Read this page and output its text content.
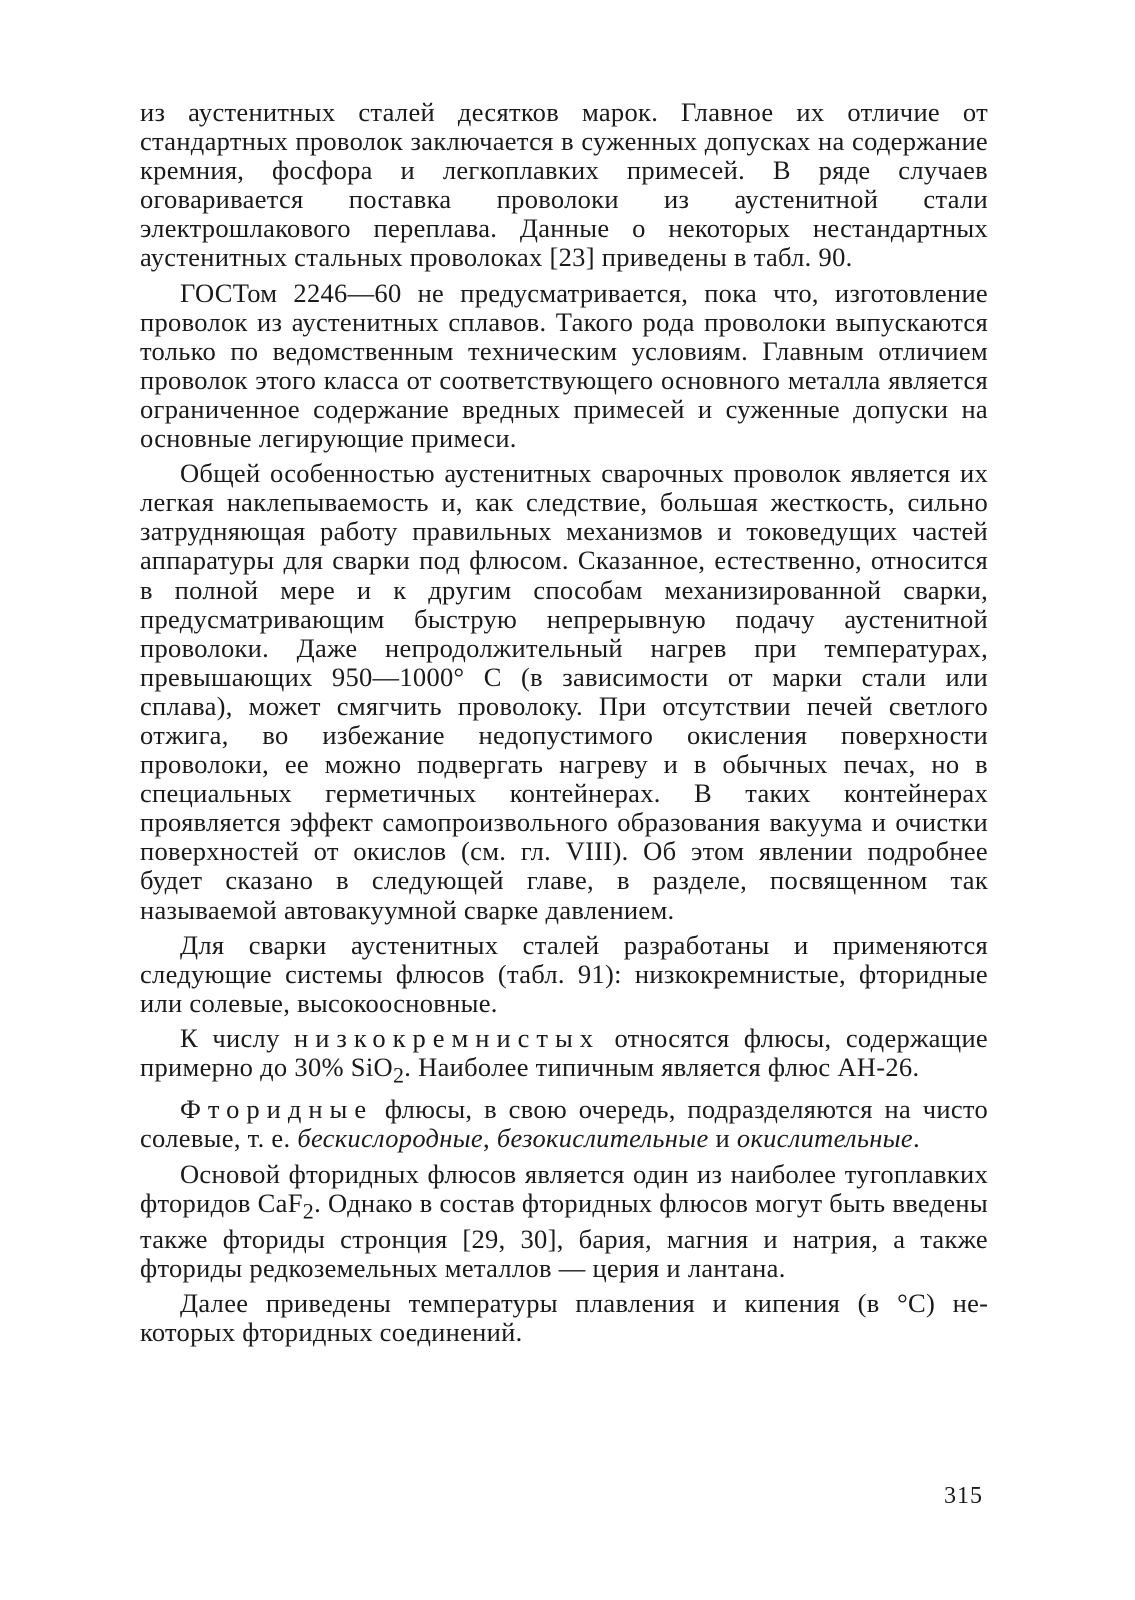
из аустенитных сталей десятков марок. Главное их отличие от стандартных проволок заключается в суженных допусках на содержание кремния, фосфора и легкоплавких примесей. В ряде случаев оговаривается поставка проволоки из аустенитной стали электрошлакового переплава. Данные о некоторых нестандартных аустенитных стальных проволоках [23] приведены в табл. 90.

ГОСТом 2246—60 не предусматривается, пока что, изготовление проволок из аустенитных сплавов. Такого рода проволоки выпускаются только по ведомственным техническим условиям. Главным отличием проволок этого класса от соответствующего основного металла является ограниченное содержание вредных примесей и суженные допуски на основные легирующие примеси.

Общей особенностью аустенитных сварочных проволок является их легкая наклепываемость и, как следствие, большая жесткость, сильно затрудняющая работу правильных механизмов и токоведущих частей аппаратуры для сварки под флюсом. Сказанное, естественно, относится в полной мере и к другим способам механизированной сварки, предусматривающим быструю непрерывную подачу аустенитной проволоки. Даже непродолжительный нагрев при температурах, превышающих 950—1000° С (в зависимости от марки стали или сплава), может смягчить проволоку. При отсутствии печей светлого отжига, во избежание недопустимого окисления поверхности проволоки, ее можно подвергать нагреву и в обычных печах, но в специальных герметичных контейнерах. В таких контейнерах проявляется эффект самопроизвольного образования вакуума и очистки поверхностей от окислов (см. гл. VIII). Об этом явлении подробнее будет сказано в следующей главе, в разделе, посвященном так называемой автовакуумной сварке давлением.

Для сварки аустенитных сталей разработаны и применяются следующие системы флюсов (табл. 91): низкокремнистые, фторидные или солевые, высокоосновные.

К числу низкокремнистых относятся флюсы, содержащие примерно до 30% SiO$_2$. Наиболее типичным является флюс АН-26.

Фторидные флюсы, в свою очередь, подразделяются на чисто солевые, т. е. бескислородные, безокислительные и окислительные.

Основой фторидных флюсов является один из наиболее тугоплавких фторидов CaF$_2$. Однако в состав фторидных флюсов могут быть введены также фториды стронция [29, 30], бария, магния и натрия, а также фториды редкоземельных металлов — церия и лантана.

Далее приведены температуры плавления и кипения (в °С) некоторых фторидных соединений.

315
